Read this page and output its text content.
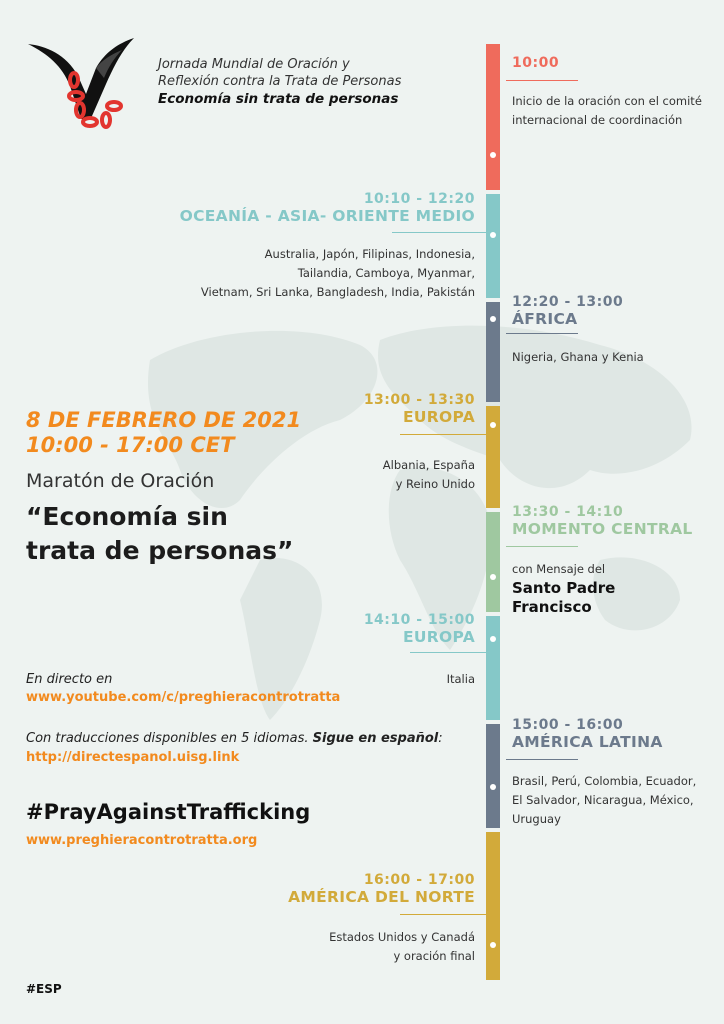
Jornada Mundial de Oración y
Reflexión contra la Trata de Personas
Economía sin trata de personas
10:00
Inicio de la oración con el comité
internacional de coordinación
10:10 - 12:20
OCEANÍA - ASIA- ORIENTE MEDIO
Australia, Japón, Filipinas, Indonesia,
Tailandia, Camboya, Myanmar,
Vietnam, Sri Lanka, Bangladesh, India, Pakistán
12:20 - 13:00
ÁFRICA
Nigeria, Ghana y Kenia
13:00 - 13:30
EUROPA
Albania, España
y Reino Unido
13:30 - 14:10
MOMENTO CENTRAL
con Mensaje del
Santo Padre
Francisco
14:10 - 15:00
EUROPA
Italia
15:00 - 16:00
AMÉRICA LATINA
Brasil, Perú, Colombia, Ecuador,
El Salvador, Nicaragua, México,
Uruguay
16:00 - 17:00
AMÉRICA DEL NORTE
Estados Unidos y Canadá
y oración final
8 DE FEBRERO DE 2021
10:00 - 17:00 CET
Maratón de Oración
“Economía sin
trata de personas”
En directo en
www.youtube.com/c/preghieracontrotratta
Con traducciones disponibles en 5 idiomas. Sigue en español:
http://directespanol.uisg.link
#PrayAgainstTrafficking
www.preghieracontrotratta.org
#ESP
